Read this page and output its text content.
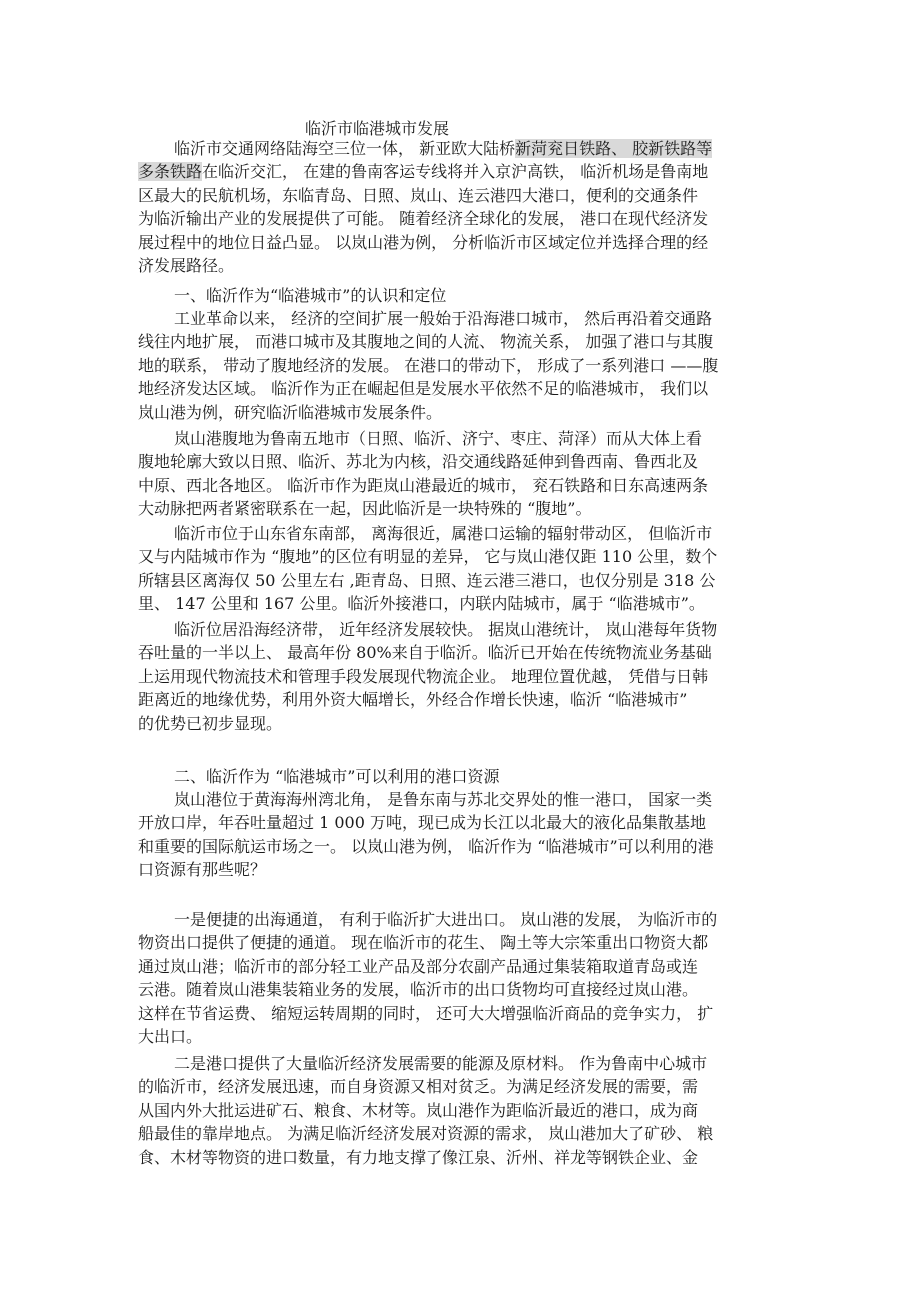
临沂市临港城市发展
临沂市交通网络陆海空三位一体， 新亚欧大陆桥新菏兖日铁路、 胶新铁路等
多条铁路在临沂交汇， 在建的鲁南客运专线将并入京沪高铁， 临沂机场是鲁南地
区最大的民航机场，东临青岛、日照、岚山、连云港四大港口，便利的交通条件
为临沂输出产业的发展提供了可能。 随着经济全球化的发展， 港口在现代经济发
展过程中的地位日益凸显。 以岚山港为例， 分析临沂市区域定位并选择合理的经
济发展路径。
一、临沂作为“临港城市”的认识和定位
工业革命以来， 经济的空间扩展一般始于沿海港口城市， 然后再沿着交通路
线往内地扩展， 而港口城市及其腹地之间的人流、 物流关系， 加强了港口与其腹
地的联系， 带动了腹地经济的发展。 在港口的带动下， 形成了一系列港口 ——腹
地经济发达区域。 临沂作为正在崛起但是发展水平依然不足的临港城市， 我们以
岚山港为例，研究临沂临港城市发展条件。
岚山港腹地为鲁南五地市（日照、临沂、济宁、枣庄、菏泽）而从大体上看
腹地轮廓大致以日照、临沂、苏北为内核，沿交通线路延伸到鲁西南、鲁西北及
中原、西北各地区。 临沂市作为距岚山港最近的城市， 兖石铁路和日东高速两条
大动脉把两者紧密联系在一起，因此临沂是一块特殊的 “腹地”。
临沂市位于山东省东南部， 离海很近，属港口运输的辐射带动区， 但临沂市
又与内陆城市作为 “腹地”的区位有明显的差异， 它与岚山港仅距 110 公里，数个
所辖县区离海仅 50 公里左右 ,距青岛、日照、连云港三港口，也仅分别是 318 公
里、 147 公里和 167 公里。临沂外接港口，内联内陆城市，属于 “临港城市”。
临沂位居沿海经济带， 近年经济发展较快。 据岚山港统计， 岚山港每年货物
吞吐量的一半以上、 最高年份 80%来自于临沂。临沂已开始在传统物流业务基础
上运用现代物流技术和管理手段发展现代物流企业。 地理位置优越， 凭借与日韩
距离近的地缘优势，利用外资大幅增长，外经合作增长快速，临沂 “临港城市”
的优势已初步显现。
二、临沂作为 “临港城市”可以利用的港口资源
岚山港位于黄海海州湾北角， 是鲁东南与苏北交界处的惟一港口， 国家一类
开放口岸，年吞吐量超过 1 000 万吨，现已成为长江以北最大的液化品集散基地
和重要的国际航运市场之一。 以岚山港为例， 临沂作为 “临港城市”可以利用的港
口资源有那些呢？
一是便捷的出海通道， 有利于临沂扩大进出口。 岚山港的发展， 为临沂市的
物资出口提供了便捷的通道。 现在临沂市的花生、 陶土等大宗笨重出口物资大都
通过岚山港；临沂市的部分轻工业产品及部分农副产品通过集装箱取道青岛或连
云港。随着岚山港集装箱业务的发展，临沂市的出口货物均可直接经过岚山港。
这样在节省运费、 缩短运转周期的同时， 还可大大增强临沂商品的竞争实力， 扩
大出口。
二是港口提供了大量临沂经济发展需要的能源及原材料。 作为鲁南中心城市
的临沂市，经济发展迅速，而自身资源又相对贫乏。为满足经济发展的需要，需
从国内外大批运进矿石、粮食、木材等。岚山港作为距临沂最近的港口，成为商
船最佳的靠岸地点。 为满足临沂经济发展对资源的需求， 岚山港加大了矿砂、 粮
食、木材等物资的进口数量，有力地支撑了像江泉、沂州、祥龙等钢铁企业、金
